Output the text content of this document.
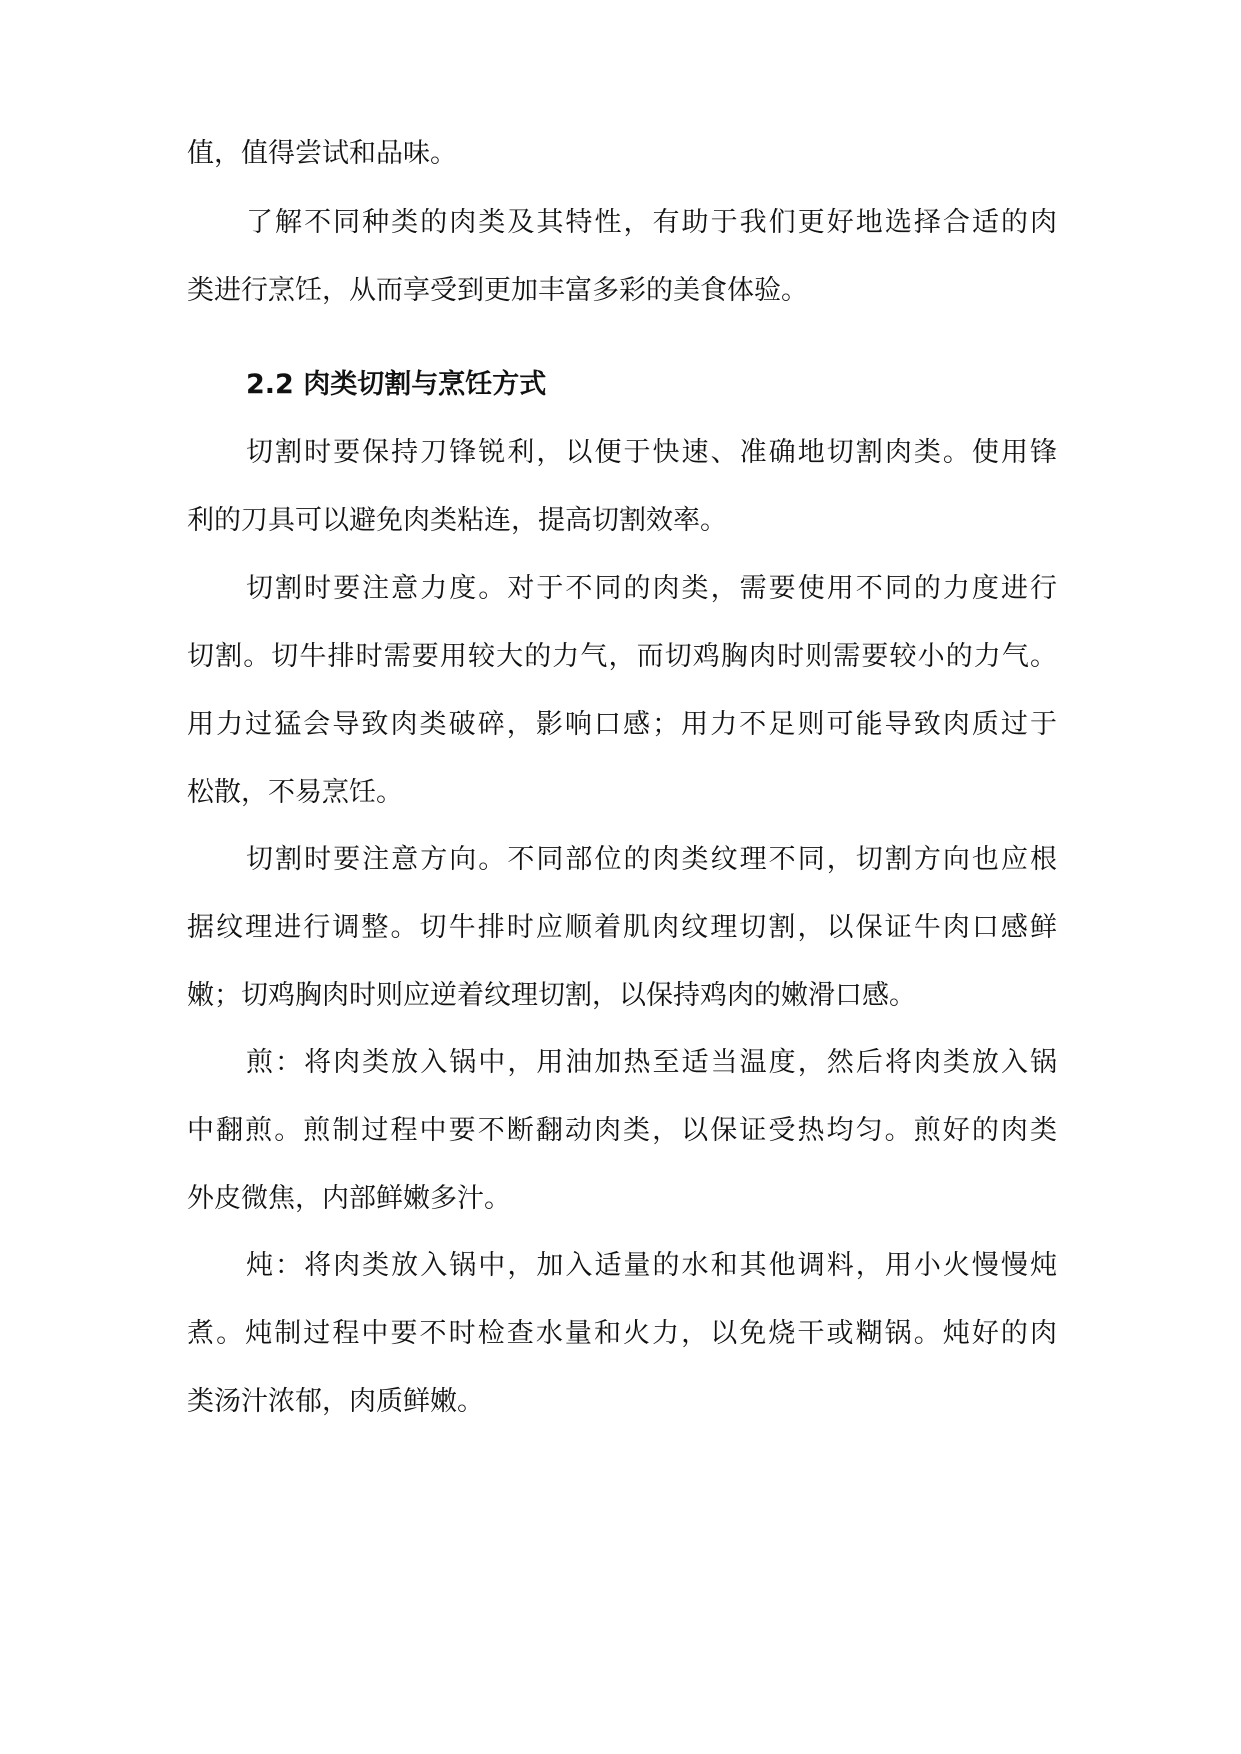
值，值得尝试和品味。

了解不同种类的肉类及其特性，有助于我们更好地选择合适的肉
类进行烹饪，从而享受到更加丰富多彩的美食体验。

2.2 肉类切割与烹饪方式

切割时要保持刀锋锐利，以便于快速、准确地切割肉类。使用锋
利的刀具可以避免肉类粘连，提高切割效率。

切割时要注意力度。对于不同的肉类，需要使用不同的力度进行
切割。切牛排时需要用较大的力气，而切鸡胸肉时则需要较小的力气。
用力过猛会导致肉类破碎，影响口感；用力不足则可能导致肉质过于
松散，不易烹饪。

切割时要注意方向。不同部位的肉类纹理不同，切割方向也应根
据纹理进行调整。切牛排时应顺着肌肉纹理切割，以保证牛肉口感鲜
嫩；切鸡胸肉时则应逆着纹理切割，以保持鸡肉的嫩滑口感。

煎：将肉类放入锅中，用油加热至适当温度，然后将肉类放入锅
中翻煎。煎制过程中要不断翻动肉类，以保证受热均匀。煎好的肉类
外皮微焦，内部鲜嫩多汁。

炖：将肉类放入锅中，加入适量的水和其他调料，用小火慢慢炖
煮。炖制过程中要不时检查水量和火力，以免烧干或糊锅。炖好的肉
类汤汁浓郁，肉质鲜嫩。
